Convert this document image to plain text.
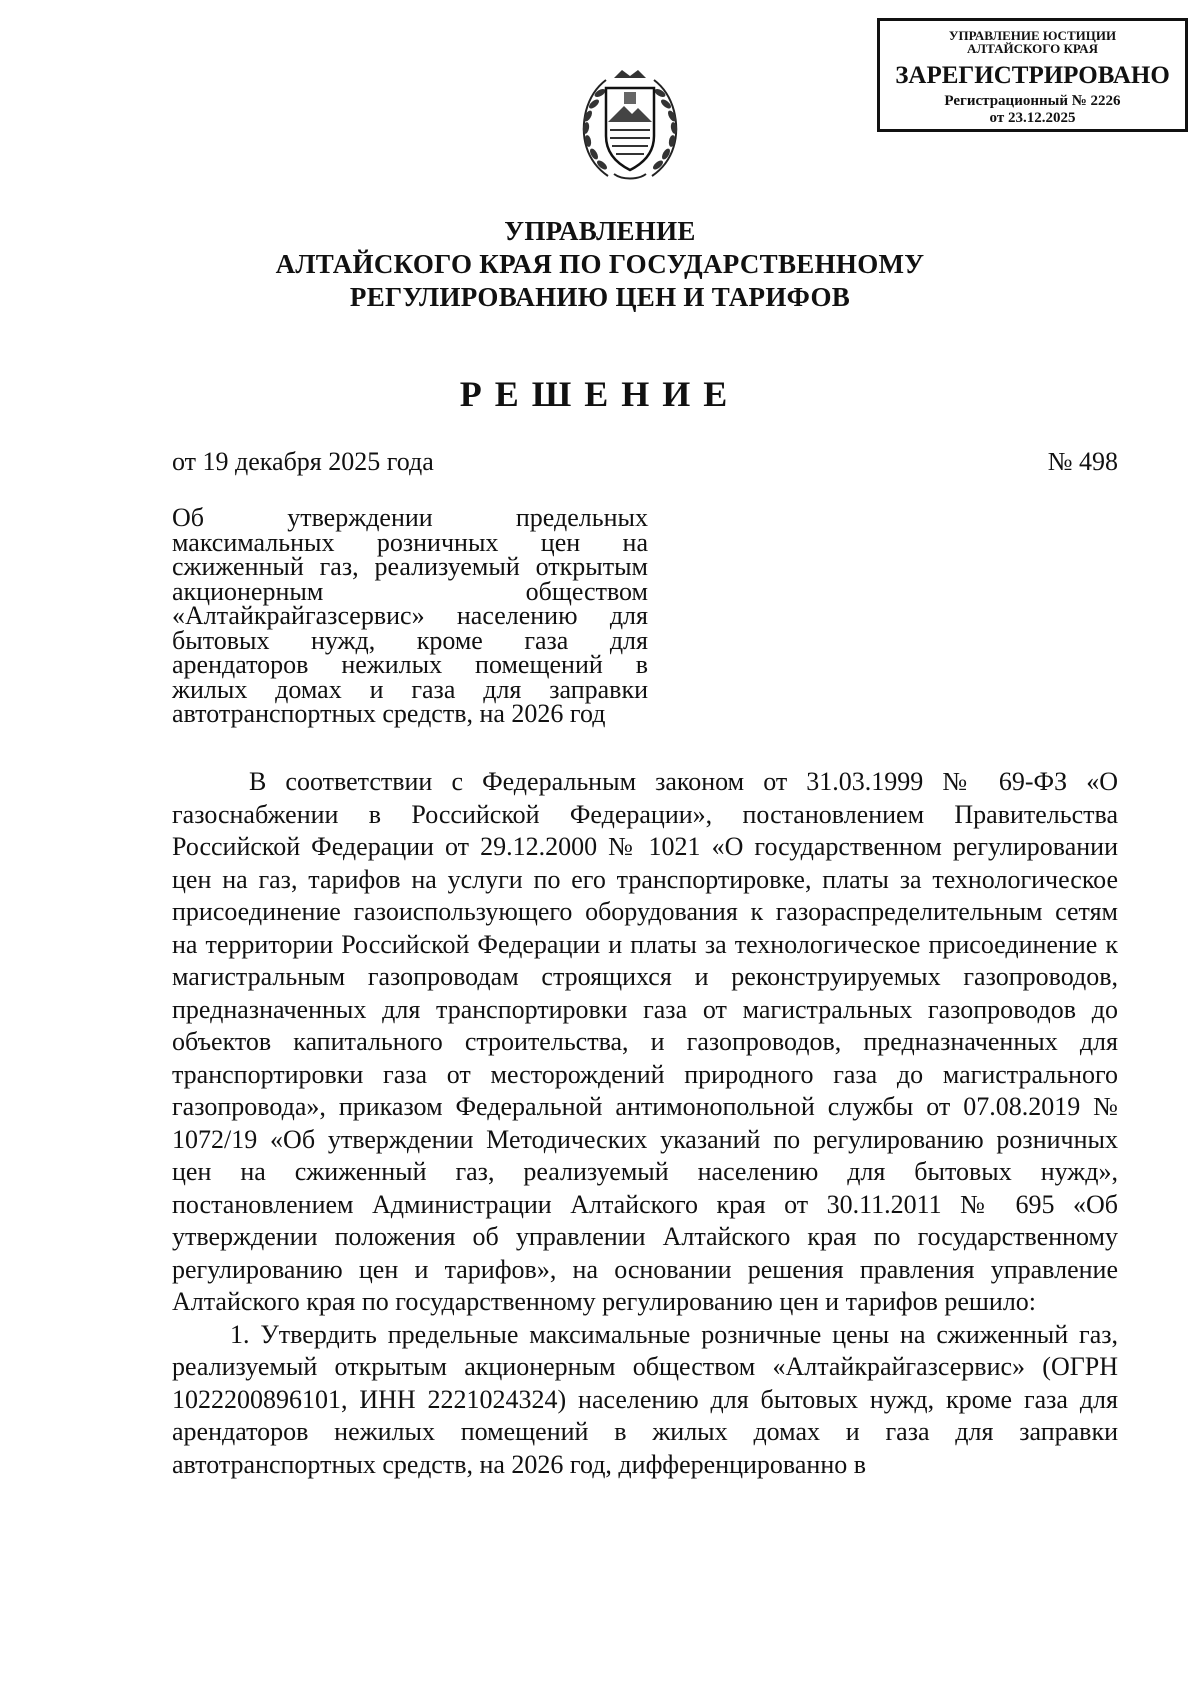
УПРАВЛЕНИЕ ЮСТИЦИИ
АЛТАЙСКОГО КРАЯ
ЗАРЕГИСТРИРОВАНО
Регистрационный № 2226
от 23.12.2025
УПРАВЛЕНИЕ
АЛТАЙСКОГО КРАЯ ПО ГОСУДАРСТВЕННОМУ
РЕГУЛИРОВАНИЮ ЦЕН И ТАРИФОВ
РЕШЕНИЕ
от 19 декабря 2025 года	№ 498
Об утверждении предельных максимальных розничных цен на сжиженный газ, реализуемый открытым акционерным обществом «Алтайкрайгазсервис» населению для бытовых нужд, кроме газа для арендаторов нежилых помещений в жилых домах и газа для заправки автотранспортных средств, на 2026 год

В соответствии с Федеральным законом от 31.03.1999 № 69-ФЗ «О газоснабжении в Российской Федерации», постановлением Правительства Российской Федерации от 29.12.2000 № 1021 «О государственном регулировании цен на газ, тарифов на услуги по его транспортировке, платы за технологическое присоединение газоиспользующего оборудования к газораспределительным сетям на территории Российской Федерации и платы за технологическое присоединение к магистральным газопроводам строящихся и реконструируемых газопроводов, предназначенных для транспортировки газа от магистральных газопроводов до объектов капитального строительства, и газопроводов, предназначенных для транспортировки газа от месторождений природного газа до магистрального газопровода», приказом Федеральной антимонопольной службы от 07.08.2019 № 1072/19 «Об утверждении Методических указаний по регулированию розничных цен на сжиженный газ, реализуемый населению для бытовых нужд», постановлением Администрации Алтайского края от 30.11.2011 № 695 «Об утверждении положения об управлении Алтайского края по государственному регулированию цен и тарифов», на основании решения правления управление Алтайского края по государственному регулированию цен и тарифов решило:

1. Утвердить предельные максимальные розничные цены на сжиженный газ, реализуемый открытым акционерным обществом «Алтайкрайгазсервис» (ОГРН 1022200896101, ИНН 2221024324) населению для бытовых нужд, кроме газа для арендаторов нежилых помещений в жилых домах и газа для заправки автотранспортных средств, на 2026 год, дифференцированно в
